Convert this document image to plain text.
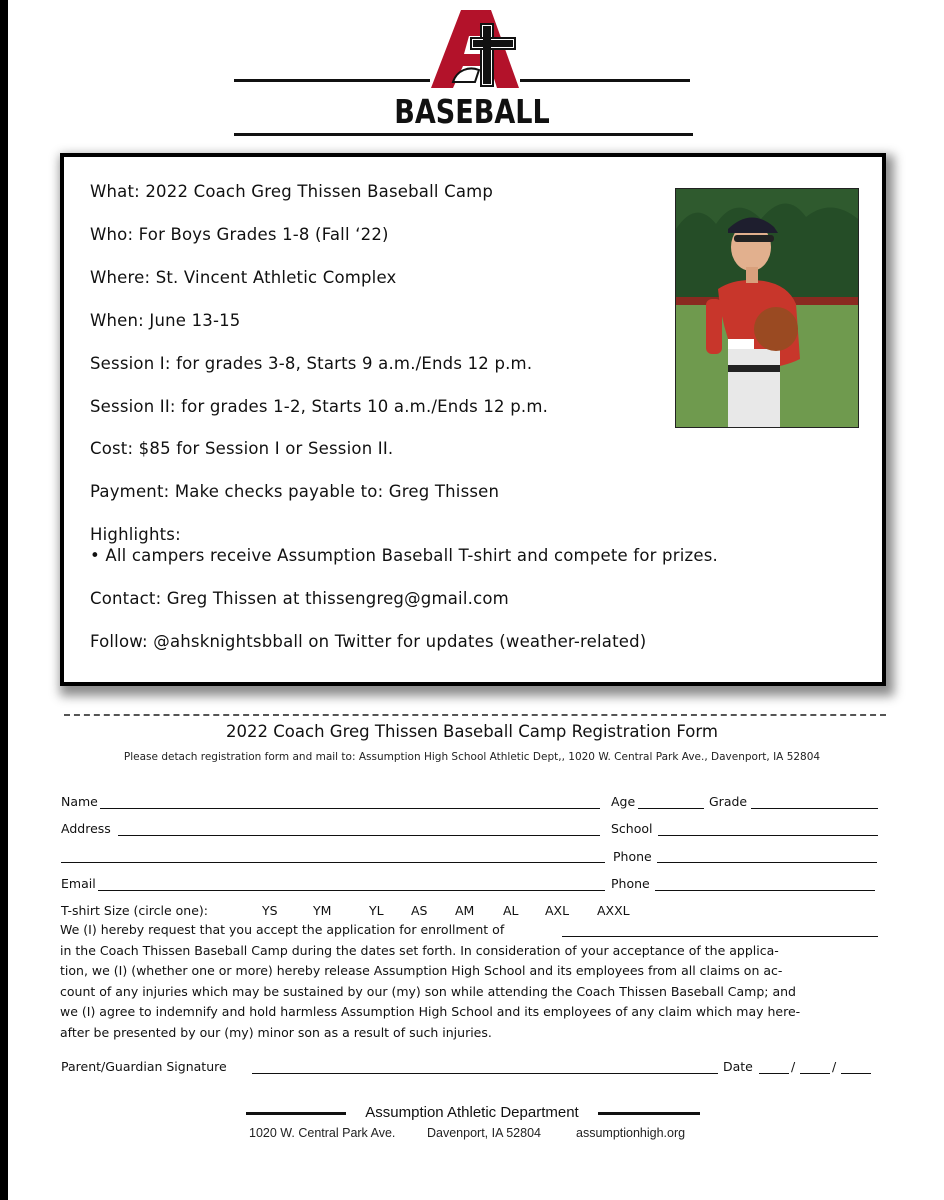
BASEBALL
What: 2022 Coach Greg Thissen Baseball Camp
Who: For Boys Grades 1-8 (Fall ‘22)
Where: St. Vincent Athletic Complex
When: June 13-15
Session I: for grades 3-8, Starts 9 a.m./Ends 12 p.m.
Session II: for grades 1-2, Starts 10 a.m./Ends 12 p.m.
Cost: $85 for Session I or Session II.
Payment: Make checks payable to: Greg Thissen
Highlights:
• All campers receive Assumption Baseball T-shirt and compete for prizes.
Contact: Greg Thissen at thissengreg@gmail.com
Follow: @ahsknightsbball on Twitter for updates (weather-related)
2022 Coach Greg Thissen Baseball Camp Registration Form
Please detach registration form and mail to: Assumption High School Athletic Dept,, 1020 W. Central Park Ave., Davenport, IA 52804
Name	Age	Grade
Address	School
Phone
Email	Phone
T-shirt Size (circle one):	YS	YM	YL AS AM AL AXL AXXL
We (I) hereby request that you accept the application for enrollment of
in the Coach Thissen Baseball Camp during the dates set forth. In consideration of your acceptance of the applica-
tion, we (I) (whether one or more) hereby release Assumption High School and its employees from all claims on ac-
count of any injuries which may be sustained by our (my) son while attending the Coach Thissen Baseball Camp; and
we (I) agree to indemnify and hold harmless Assumption High School and its employees of any claim which may here-
after be presented by our (my) minor son as a result of such injuries.
Parent/Guardian Signature	Date	/	/
Assumption Athletic Department
1020 W. Central Park Ave.	Davenport, IA 52804	assumptionhigh.org
